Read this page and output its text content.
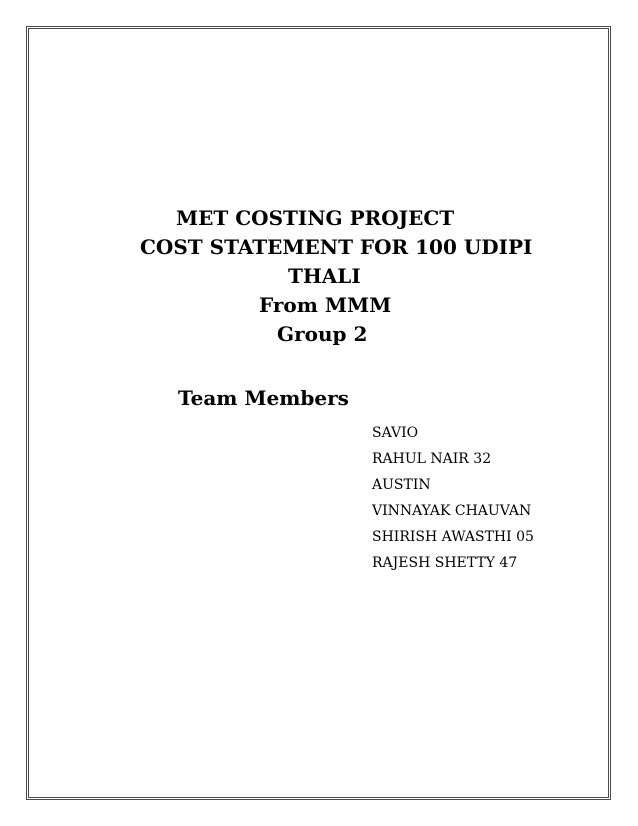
MET COSTING PROJECT
COST STATEMENT FOR 100 UDIPI
THALI
From MMM
Group 2
Team Members
SAVIO
RAHUL NAIR 32
AUSTIN
VINNAYAK CHAUVAN
SHIRISH AWASTHI 05
RAJESH SHETTY 47
